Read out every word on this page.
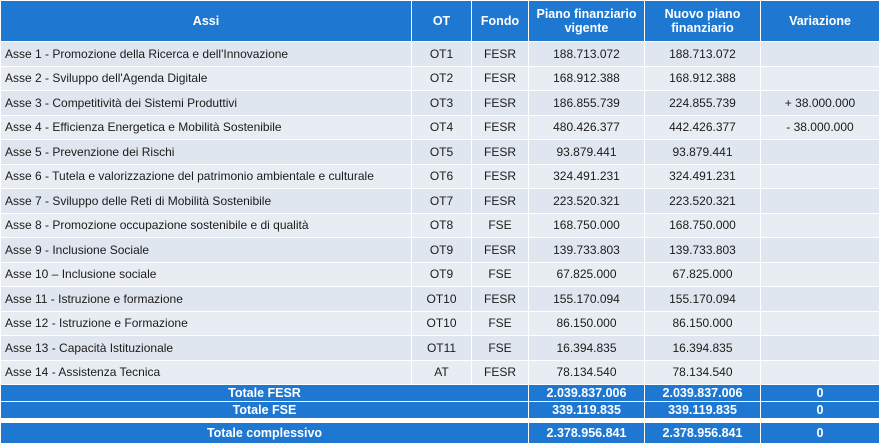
Assi	OT	Fondo	Piano finanziario vigente	Nuovo piano finanziario	Variazione
Asse 1 - Promozione della Ricerca e dell'Innovazione	OT1	FESR	188.713.072	188.713.072	
Asse 2 - Sviluppo dell'Agenda Digitale	OT2	FESR	168.912.388	168.912.388	
Asse 3 - Competitività dei Sistemi Produttivi	OT3	FESR	186.855.739	224.855.739	+ 38.000.000
Asse 4 - Efficienza Energetica e Mobilità Sostenibile	OT4	FESR	480.426.377	442.426.377	- 38.000.000
Asse 5 - Prevenzione dei Rischi	OT5	FESR	93.879.441	93.879.441	
Asse 6 - Tutela e valorizzazione del patrimonio ambientale e culturale	OT6	FESR	324.491.231	324.491.231	
Asse 7 - Sviluppo delle Reti di Mobilità Sostenibile	OT7	FESR	223.520.321	223.520.321	
Asse 8 - Promozione occupazione sostenibile e di qualità	OT8	FSE	168.750.000	168.750.000	
Asse 9 - Inclusione Sociale	OT9	FESR	139.733.803	139.733.803	
Asse 10 – Inclusione sociale	OT9	FSE	67.825.000	67.825.000	
Asse 11 - Istruzione e formazione	OT10	FESR	155.170.094	155.170.094	
Asse 12 - Istruzione e Formazione	OT10	FSE	86.150.000	86.150.000	
Asse 13 - Capacità Istituzionale	OT11	FSE	16.394.835	16.394.835	
Asse 14 - Assistenza Tecnica	AT	FESR	78.134.540	78.134.540	
Totale FESR			2.039.837.006	2.039.837.006	0
Totale FSE			339.119.835	339.119.835	0

Totale complessivo			2.378.956.841	2.378.956.841	0
